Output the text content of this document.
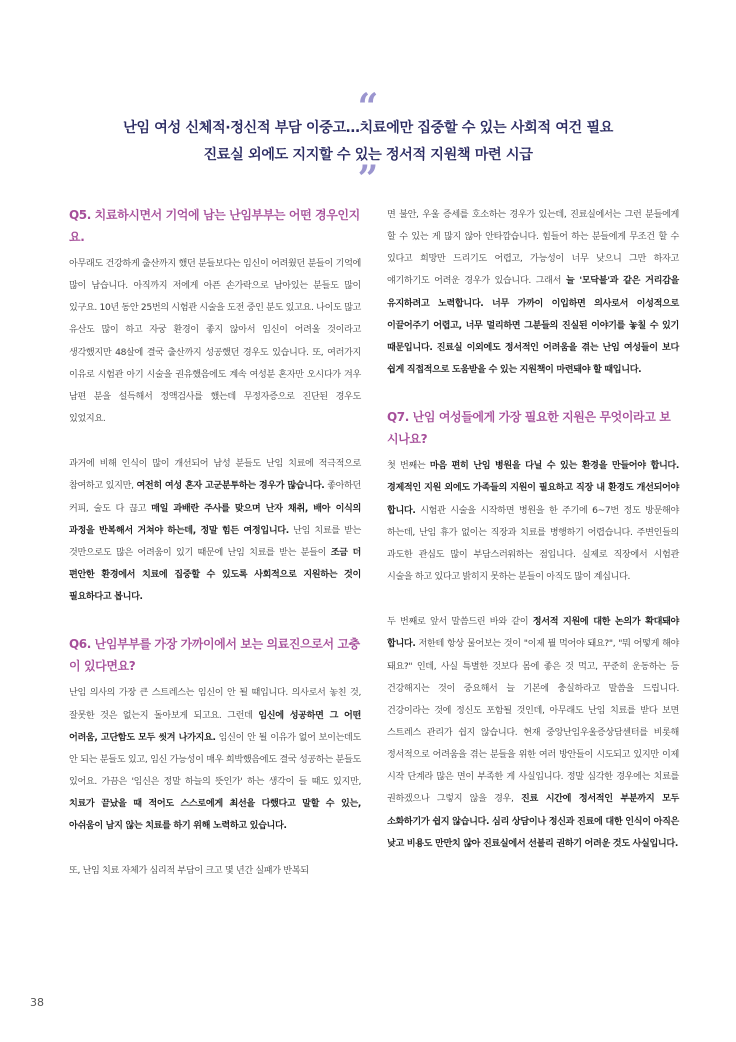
“
난임 여성 신체적·정신적 부담 이중고…치료에만 집중할 수 있는 사회적 여건 필요
진료실 외에도 지지할 수 있는 정서적 지원책 마련 시급
”

Q5. 치료하시면서 기억에 남는 난임부부는 어떤 경우인지요.

아무래도 건강하게 출산까지 했던 분들보다는 임신이 어려웠던 분들이 기억에 많이 남습니다. 아직까지 저에게 아픈 손가락으로 남아있는 분들도 많이 있구요. 10년 동안 25번의 시험관 시술을 도전 중인 분도 있고요. 나이도 많고 유산도 많이 하고 자궁 환경이 좋지 않아서 임신이 어려울 것이라고 생각했지만 48살에 결국 출산까지 성공했던 경우도 있습니다. 또, 여러가지 이유로 시험관 아기 시술을 권유했음에도 계속 여성분 혼자만 오시다가 겨우 남편 분을 설득해서 정액검사를 했는데 무정자증으로 진단된 경우도 있었지요.

과거에 비해 인식이 많이 개선되어 남성 분들도 난임 치료에 적극적으로 참여하고 있지만, 여전히 여성 혼자 고군분투하는 경우가 많습니다. 좋아하던 커피, 술도 다 끊고 매일 과배란 주사를 맞으며 난자 채취, 배아 이식의 과정을 반복해서 거쳐야 하는데, 정말 힘든 여정입니다. 난임 치료를 받는 것만으로도 많은 어려움이 있기 때문에 난임 치료를 받는 분들이 조금 더 편안한 환경에서 치료에 집중할 수 있도록 사회적으로 지원하는 것이 필요하다고 봅니다.

Q6. 난임부부를 가장 가까이에서 보는 의료진으로서 고충이 있다면요?

난임 의사의 가장 큰 스트레스는 임신이 안 될 때입니다. 의사로서 놓친 것, 잘못한 것은 없는지 돌아보게 되고요. 그런데 임신에 성공하면 그 어떤 어려움, 고단함도 모두 씻겨 나가지요. 임신이 안 될 이유가 없어 보이는데도 안 되는 분들도 있고, 임신 가능성이 매우 희박했음에도 결국 성공하는 분들도 있어요. 가끔은 '임신은 정말 하늘의 뜻인가' 하는 생각이 들 때도 있지만, 치료가 끝났을 때 적어도 스스로에게 최선을 다했다고 말할 수 있는, 아쉬움이 남지 않는 치료를 하기 위해 노력하고 있습니다.

또, 난임 치료 자체가 심리적 부담이 크고 몇 년간 실패가 반복되

면 불안, 우울 증세를 호소하는 경우가 있는데, 진료실에서는 그런 분들에게 할 수 있는 게 많지 않아 안타깝습니다. 힘들어 하는 분들에게 무조건 할 수 있다고 희망만 드리기도 어렵고, 가능성이 너무 낮으니 그만 하자고 얘기하기도 어려운 경우가 있습니다. 그래서 늘 '모닥불'과 같은 거리감을 유지하려고 노력합니다. 너무 가까이 이입하면 의사로서 이성적으로 이끌어주기 어렵고, 너무 멀리하면 그분들의 진실된 이야기를 놓칠 수 있기 때문입니다. 진료실 이외에도 정서적인 어려움을 겪는 난임 여성들이 보다 쉽게 직접적으로 도움받을 수 있는 지원책이 마련돼야 할 때입니다.

Q7. 난임 여성들에게 가장 필요한 지원은 무엇이라고 보시나요?

첫 번째는 마음 편히 난임 병원을 다닐 수 있는 환경을 만들어야 합니다. 경제적인 지원 외에도 가족들의 지원이 필요하고 직장 내 환경도 개선되어야 합니다. 시험관 시술을 시작하면 병원을 한 주기에 6~7번 정도 방문해야 하는데, 난임 휴가 없이는 직장과 치료를 병행하기 어렵습니다. 주변인들의 과도한 관심도 많이 부담스러워하는 점입니다. 실제로 직장에서 시험관 시술을 하고 있다고 밝히지 못하는 분들이 아직도 많이 계십니다.

두 번째로 앞서 말씀드린 바와 같이 정서적 지원에 대한 논의가 확대돼야 합니다. 저한테 항상 물어보는 것이 "이제 뭘 먹어야 돼요?", "뭐 어떻게 해야 돼요?" 인데, 사실 특별한 것보다 몸에 좋은 것 먹고, 꾸준히 운동하는 등 건강해지는 것이 중요해서 늘 기본에 충실하라고 말씀을 드립니다. 건강이라는 것에 정신도 포함될 것인데, 아무래도 난임 치료를 받다 보면 스트레스 관리가 쉽지 않습니다. 현재 중앙난임우울증상담센터를 비롯해 정서적으로 어려움을 겪는 분들을 위한 여러 방안들이 시도되고 있지만 이제 시작 단계라 많은 면이 부족한 게 사실입니다. 정말 심각한 경우에는 치료를 권하겠으나 그렇지 않을 경우, 진료 시간에 정서적인 부분까지 모두 소화하기가 쉽지 않습니다. 심리 상담이나 정신과 진료에 대한 인식이 아직은 낮고 비용도 만만치 않아 진료실에서 선불리 권하기 어려운 것도 사실입니다.

38
